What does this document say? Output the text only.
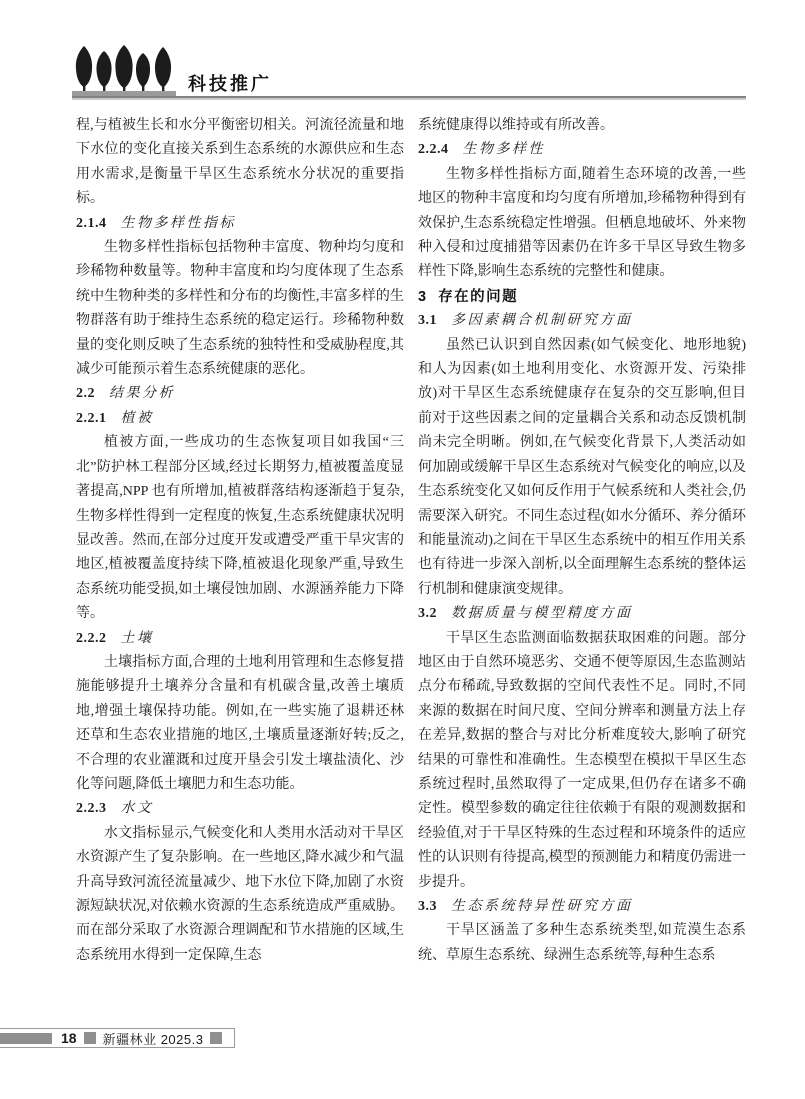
科技推广
程,与植被生长和水分平衡密切相关。河流径流量和地下水位的变化直接关系到生态系统的水源供应和生态用水需求,是衡量干旱区生态系统水分状况的重要指标。
2.1.4 生物多样性指标
生物多样性指标包括物种丰富度、物种均匀度和珍稀物种数量等。物种丰富度和均匀度体现了生态系统中生物种类的多样性和分布的均衡性,丰富多样的生物群落有助于维持生态系统的稳定运行。珍稀物种数量的变化则反映了生态系统的独特性和受威胁程度,其减少可能预示着生态系统健康的恶化。
2.2 结果分析
2.2.1 植被
植被方面,一些成功的生态恢复项目如我国“三北”防护林工程部分区域,经过长期努力,植被覆盖度显著提高,NPP 也有所增加,植被群落结构逐渐趋于复杂,生物多样性得到一定程度的恢复,生态系统健康状况明显改善。然而,在部分过度开发或遭受严重干旱灾害的地区,植被覆盖度持续下降,植被退化现象严重,导致生态系统功能受损,如土壤侵蚀加剧、水源涵养能力下降等。
2.2.2 土壤
土壤指标方面,合理的土地利用管理和生态修复措施能够提升土壤养分含量和有机碳含量,改善土壤质地,增强土壤保持功能。例如,在一些实施了退耕还林还草和生态农业措施的地区,土壤质量逐渐好转;反之,不合理的农业灌溉和过度开垦会引发土壤盐渍化、沙化等问题,降低土壤肥力和生态功能。
2.2.3 水文
水文指标显示,气候变化和人类用水活动对干旱区水资源产生了复杂影响。在一些地区,降水减少和气温升高导致河流径流量减少、地下水位下降,加剧了水资源短缺状况,对依赖水资源的生态系统造成严重威胁。而在部分采取了水资源合理调配和节水措施的区域,生态系统用水得到一定保障,生态
系统健康得以维持或有所改善。
2.2.4 生物多样性
生物多样性指标方面,随着生态环境的改善,一些地区的物种丰富度和均匀度有所增加,珍稀物种得到有效保护,生态系统稳定性增强。但栖息地破坏、外来物种入侵和过度捕猎等因素仍在许多干旱区导致生物多样性下降,影响生态系统的完整性和健康。
3 存在的问题
3.1 多因素耦合机制研究方面
虽然已认识到自然因素(如气候变化、地形地貌)和人为因素(如土地利用变化、水资源开发、污染排放)对干旱区生态系统健康存在复杂的交互影响,但目前对于这些因素之间的定量耦合关系和动态反馈机制尚未完全明晰。例如,在气候变化背景下,人类活动如何加剧或缓解干旱区生态系统对气候变化的响应,以及生态系统变化又如何反作用于气候系统和人类社会,仍需要深入研究。不同生态过程(如水分循环、养分循环和能量流动)之间在干旱区生态系统中的相互作用关系也有待进一步深入剖析,以全面理解生态系统的整体运行机制和健康演变规律。
3.2 数据质量与模型精度方面
干旱区生态监测面临数据获取困难的问题。部分地区由于自然环境恶劣、交通不便等原因,生态监测站点分布稀疏,导致数据的空间代表性不足。同时,不同来源的数据在时间尺度、空间分辨率和测量方法上存在差异,数据的整合与对比分析难度较大,影响了研究结果的可靠性和准确性。生态模型在模拟干旱区生态系统过程时,虽然取得了一定成果,但仍存在诸多不确定性。模型参数的确定往往依赖于有限的观测数据和经验值,对于干旱区特殊的生态过程和环境条件的适应性的认识则有待提高,模型的预测能力和精度仍需进一步提升。
3.3 生态系统特异性研究方面
干旱区涵盖了多种生态系统类型,如荒漠生态系统、草原生态系统、绿洲生态系统等,每种生态系
18 新疆林业 2025.3
